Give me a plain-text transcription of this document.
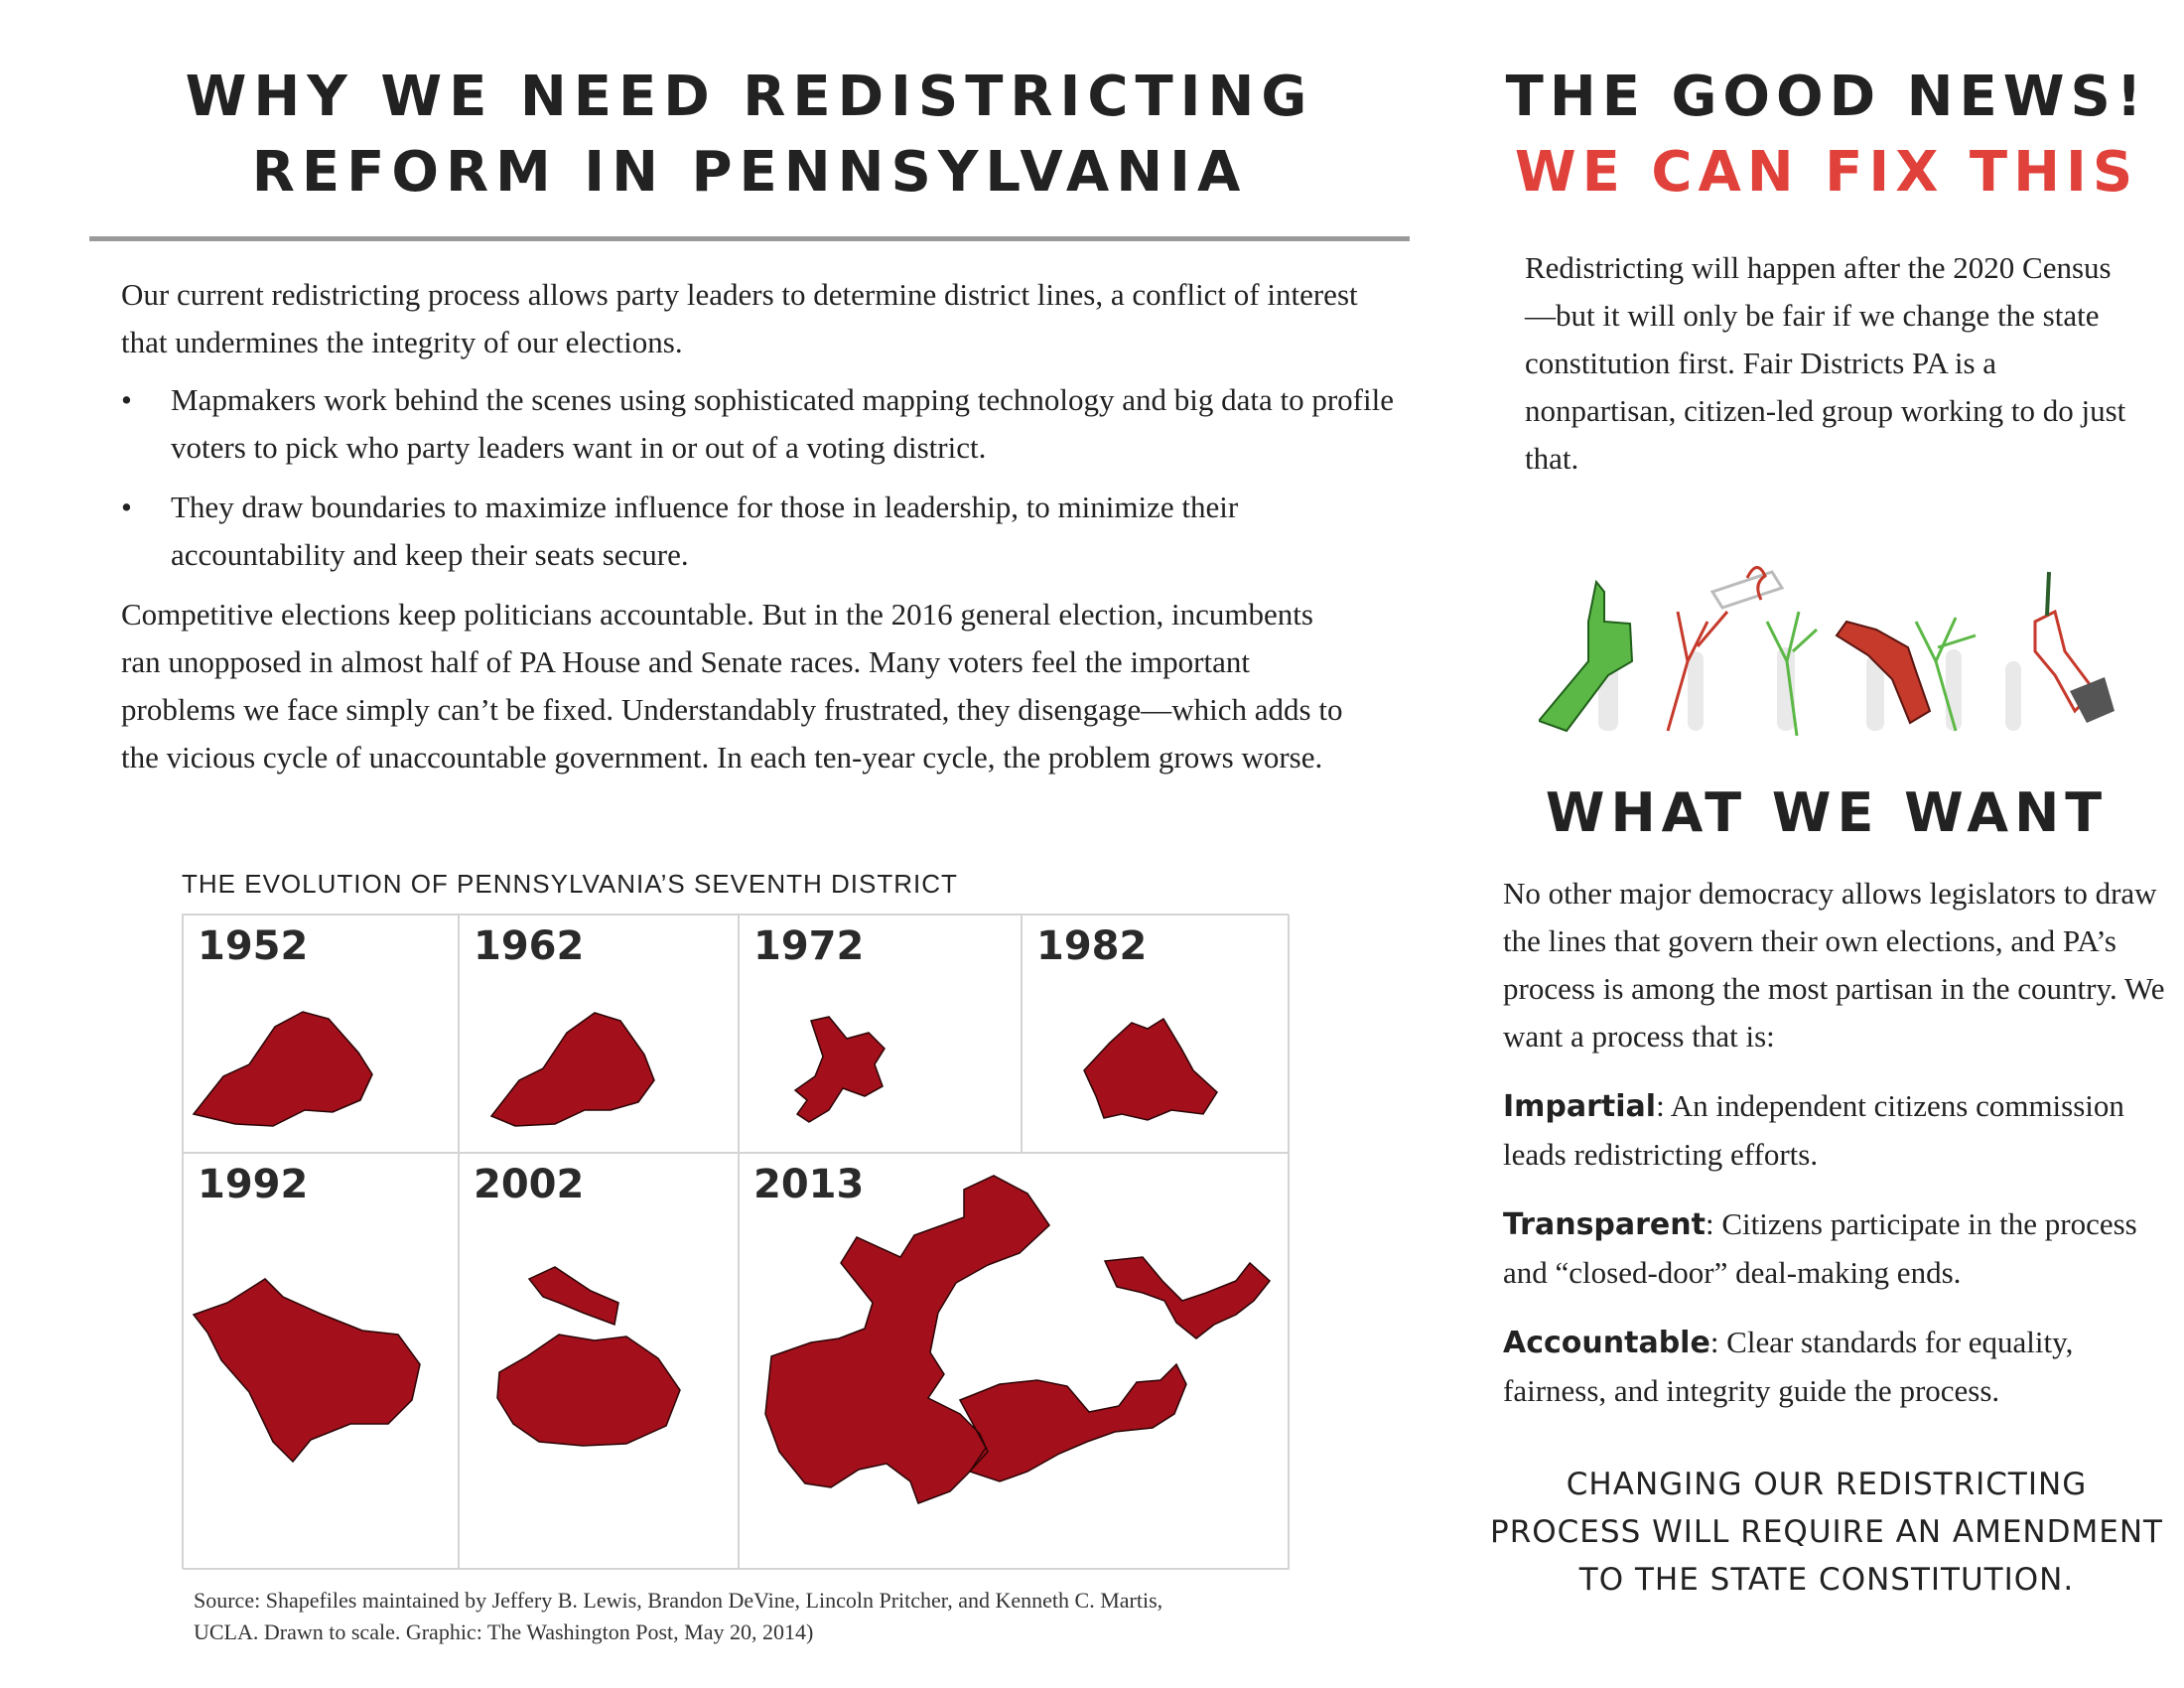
WHY WE NEED REDISTRICTING
REFORM IN PENNSYLVANIA

Our current redistricting process allows party leaders to determine district lines, a conflict of interest that undermines the integrity of our elections.

• Mapmakers work behind the scenes using sophisticated mapping technology and big data to profile voters to pick who party leaders want in or out of a voting district.
• They draw boundaries to maximize influence for those in leadership, to minimize their accountability and keep their seats secure.

Competitive elections keep politicians accountable. But in the 2016 general election, incumbents ran unopposed in almost half of PA House and Senate races. Many voters feel the important problems we face simply can’t be fixed. Understandably frustrated, they disengage—which adds to the vicious cycle of unaccountable government. In each ten-year cycle, the problem grows worse.

THE EVOLUTION OF PENNSYLVANIA’S SEVENTH DISTRICT
1952	1962	1972	1982
1992	2002	2013

Source: Shapefiles maintained by Jeffery B. Lewis, Brandon DeVine, Lincoln Pritcher, and Kenneth C. Martis, UCLA. Drawn to scale. Graphic: The Washington Post, May 20, 2014)

THE GOOD NEWS!
WE CAN FIX THIS

Redistricting will happen after the 2020 Census—but it will only be fair if we change the state constitution first. Fair Districts PA is a nonpartisan, citizen-led group working to do just that.

WHAT WE WANT

No other major democracy allows legislators to draw the lines that govern their own elections, and PA’s process is among the most partisan in the country. We want a process that is:

Impartial: An independent citizens commission leads redistricting efforts.

Transparent: Citizens participate in the process and “closed-door” deal-making ends.

Accountable: Clear standards for equality, fairness, and integrity guide the process.

CHANGING OUR REDISTRICTING PROCESS WILL REQUIRE AN AMENDMENT TO THE STATE CONSTITUTION.
